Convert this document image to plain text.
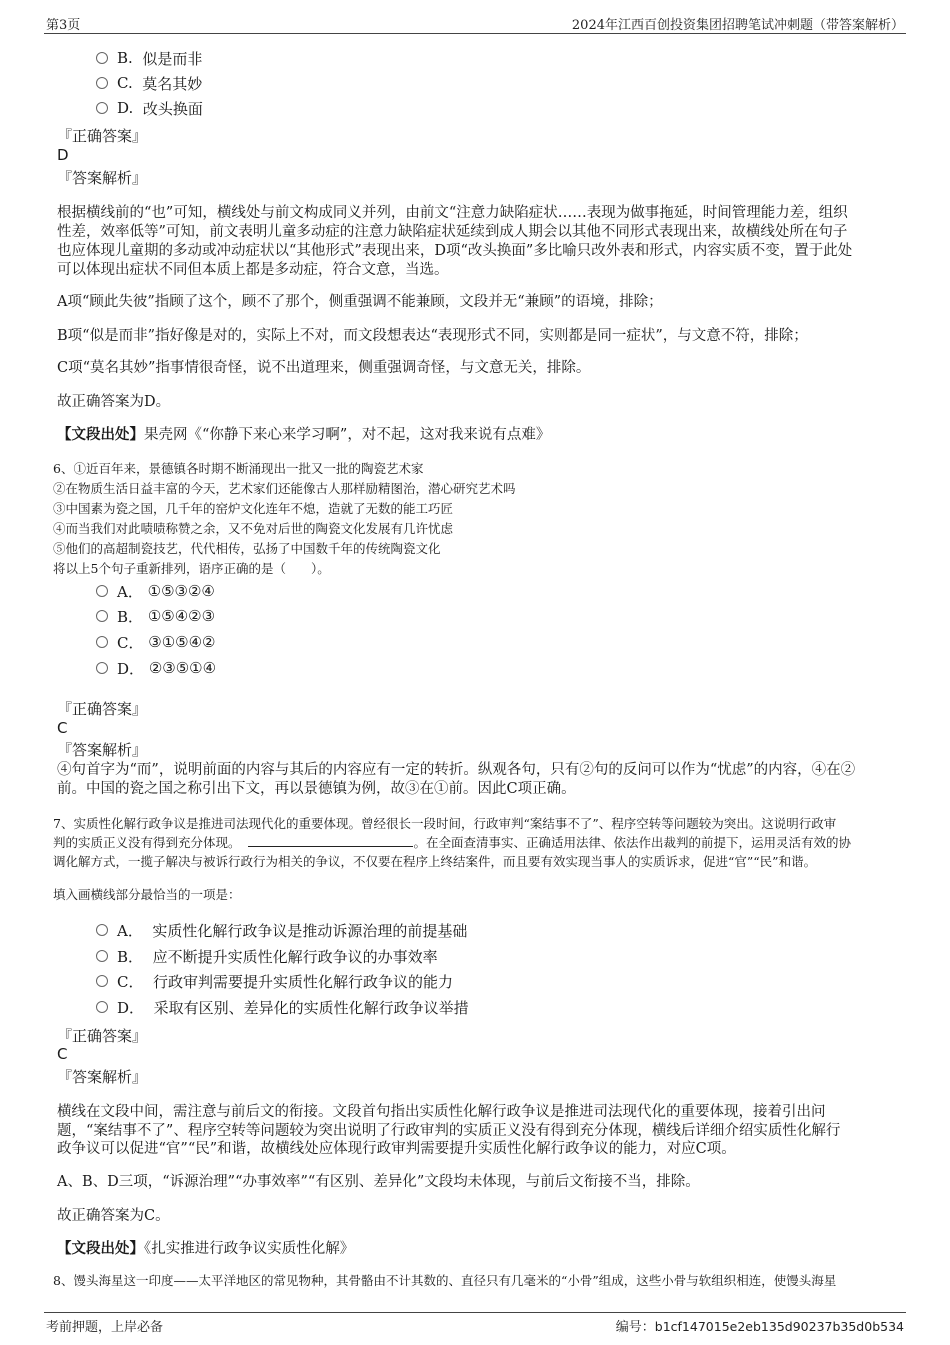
第3页	2024年江西百创投资集团招聘笔试冲刺题（带答案解析）
B.
似是而非
C.
莫名其妙
D.
改头换面
『正确答案』
D
『答案解析』
根据横线前的“也”可知，横线处与前文构成同义并列，由前文“注意力缺陷症状……表现为做事拖延，时间管理能力差，组织
性差，效率低等”可知，前文表明儿童多动症的注意力缺陷症状延续到成人期会以其他不同形式表现出来，故横线处所在句子
也应体现儿童期的多动或冲动症状以“其他形式”表现出来，D项“改头换面”多比喻只改外表和形式，内容实质不变，置于此处
可以体现出症状不同但本质上都是多动症，符合文意，当选。
A项“顾此失彼”指顾了这个，顾不了那个，侧重强调不能兼顾，文段并无“兼顾”的语境，排除；
B项“似是而非”指好像是对的，实际上不对，而文段想表达“表现形式不同，实则都是同一症状”，与文意不符，排除；
C项“莫名其妙”指事情很奇怪，说不出道理来，侧重强调奇怪，与文意无关，排除。
故正确答案为D。
【文段出处】果壳网《“你静下来心来学习啊”，对不起，这对我来说有点难》
6、①近百年来，景德镇各时期不断涌现出一批又一批的陶瓷艺术家
②在物质生活日益丰富的今天，艺术家们还能像古人那样励精图治，潜心研究艺术吗
③中国素为瓷之国，几千年的窑炉文化连年不熄，造就了无数的能工巧匠
④而当我们对此啧啧称赞之余，又不免对后世的陶瓷文化发展有几许忧虑
⑤他们的高超制瓷技艺，代代相传，弘扬了中国数千年的传统陶瓷文化
将以上5个句子重新排列，语序正确的是（　　）。
A．
①⑤③②④
B．
①⑤④②③
C．
③①⑤④②
D．
②③⑤①④
『正确答案』
C
『答案解析』
④句首字为“而”，说明前面的内容与其后的内容应有一定的转折。纵观各句，只有②句的反问可以作为“忧虑”的内容，④在②
前。中国的瓷之国之称引出下文，再以景德镇为例，故③在①前。因此C项正确。
7、实质性化解行政争议是推进司法现代化的重要体现。曾经很长一段时间，行政审判“案结事不了”、程序空转等问题较为突出。这说明行政审
判的实质正义没有得到充分体现。	。在全面查清事实、正确适用法律、依法作出裁判的前提下，运用灵活有效的协
调化解方式，一揽子解决与被诉行政行为相关的争议，不仅要在程序上终结案件，而且要有效实现当事人的实质诉求，促进“官”“民”和谐。
填入画横线部分最恰当的一项是：
A．
实质性化解行政争议是推动诉源治理的前提基础
B．
应不断提升实质性化解行政争议的办事效率
C．
行政审判需要提升实质性化解行政争议的能力
D．
采取有区别、差异化的实质性化解行政争议举措
『正确答案』
C
『答案解析』
横线在文段中间，需注意与前后文的衔接。文段首句指出实质性化解行政争议是推进司法现代化的重要体现，接着引出问
题，“案结事不了”、程序空转等问题较为突出说明了行政审判的实质正义没有得到充分体现，横线后详细介绍实质性化解行
政争议可以促进“官”“民”和谐，故横线处应体现行政审判需要提升实质性化解行政争议的能力，对应C项。
A、B、D三项，“诉源治理”“办事效率”“有区别、差异化”文段均未体现，与前后文衔接不当，排除。
故正确答案为C。
【文段出处】《扎实推进行政争议实质性化解》
8、馒头海星这一印度——太平洋地区的常见物种，其骨骼由不计其数的、直径只有几毫米的“小骨”组成，这些小骨与软组织相连，使馒头海星
考前押题，上岸必备	编号：b1cf147015e2eb135d90237b35d0b534
